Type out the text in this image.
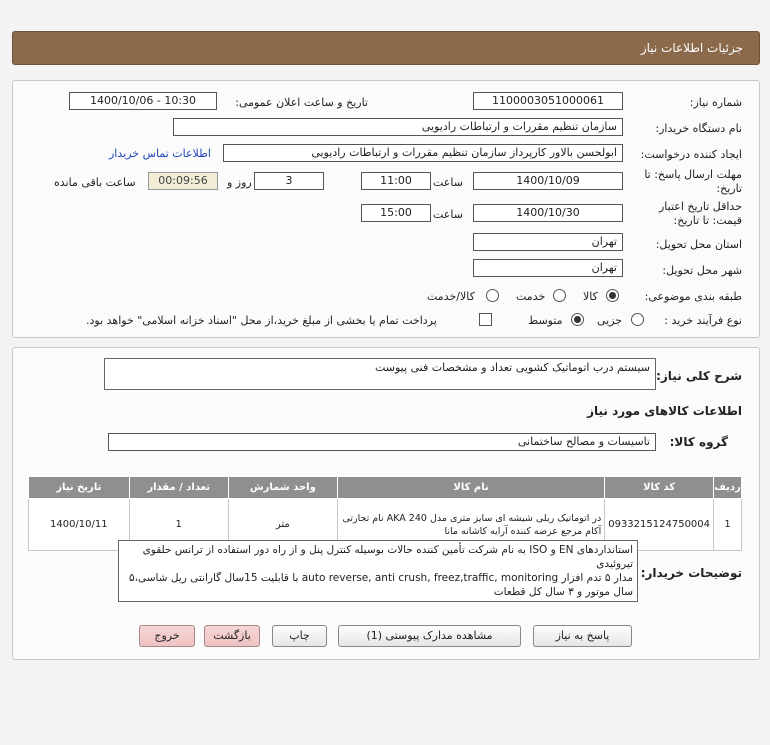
جزئیات اطلاعات نیاز
شماره نیاز:
1100003051000061
تاریخ و ساعت اعلان عمومی:
1400/10/06 - 10:30
نام دستگاه خریدار:
سازمان تنظیم مقررات و ارتباطات رادیویی
ایجاد کننده درخواست:
ابولحسن بالاور کارپرداز سازمان تنظیم مقررات و ارتباطات رادیویی
اطلاعات تماس خریدار
مهلت ارسال پاسخ: تا تاریخ:
1400/10/09
ساعت
11:00
3
روز و
00:09:56
ساعت باقی مانده
حداقل تاریخ اعتبار قیمت: تا تاریخ:
1400/10/30
ساعت
15:00
استان محل تحویل:
تهران
شهر محل تحویل:
تهران
طبقه بندی موضوعی:
کالا
خدمت
کالا/خدمت
نوع فرآیند خرید :
جزیی
متوسط
پرداخت تمام یا بخشی از مبلغ خرید،از محل "اسناد خزانه اسلامی" خواهد بود.
شرح کلی نیاز:
سیستم درب اتوماتیک کشویی تعداد و مشخصات فنی پیوست
اطلاعات کالاهای مورد نیاز
گروه کالا:
تاسیسات و مصالح ساختمانی
ردیف	کد کالا	نام کالا	واحد شمارش	تعداد / مقدار	تاریخ نیاز
1	0933215124750004	در اتوماتیک ریلی شیشه ای سایز متری مدل AKA 240 نام تجارتی آکام مرجع عرضه کننده آرایه کاشانه مانا	متر	1	1400/10/11
توضیحات خریدار:
استانداردهای EN و ISO به نام شرکت تأمین کننده حالات بوسیله کنترل پنل و از راه دور استفاده از ترانس حلقوی تیروئیدی
مدار ۵ تدم افزار auto reverse, anti crush, freez,traffic, monitoring با قابلیت 15سال گارانتی ریل شاسی،۵ سال موتور و ۳ سال کل قطعات
پاسخ به نیاز
مشاهده مدارک پیوستی (1)
چاپ
بازگشت
خروج
